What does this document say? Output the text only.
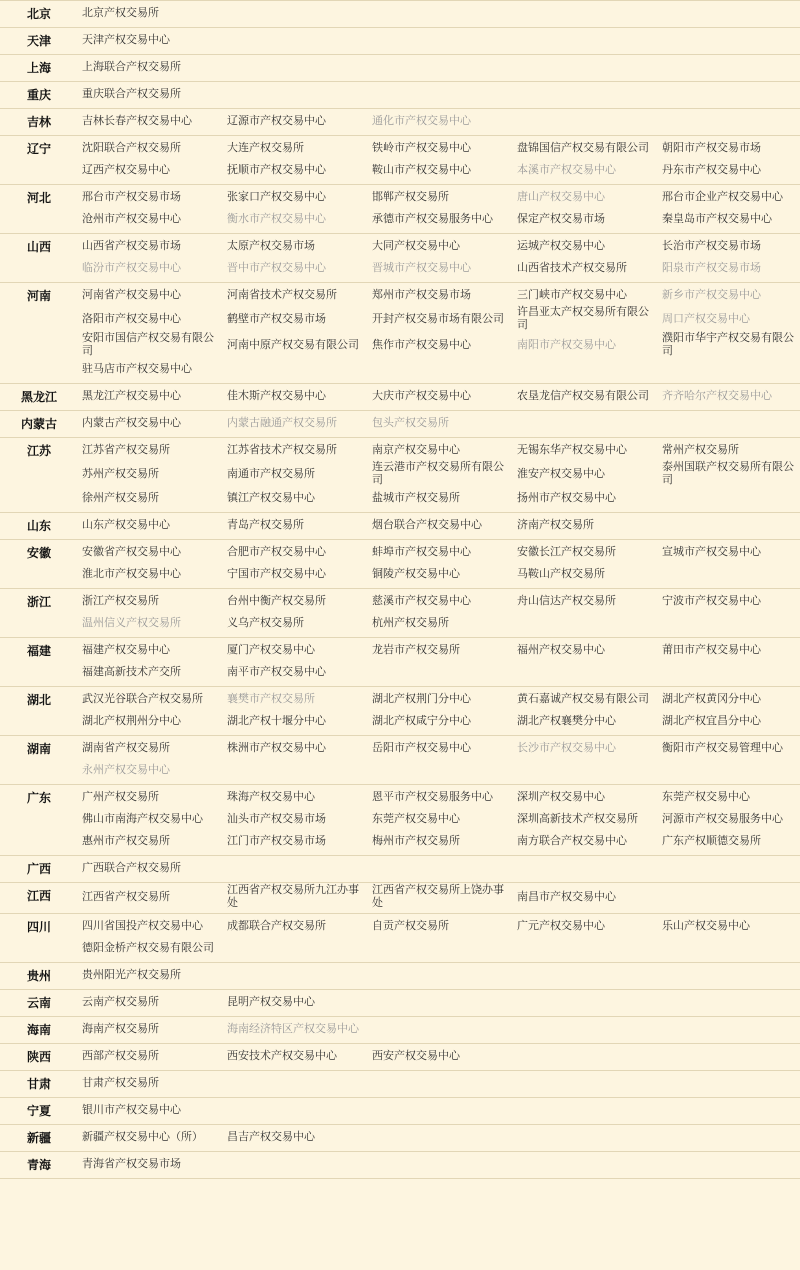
北京	北京产权交易所
天津	天津产权交易中心
上海	上海联合产权交易所
重庆	重庆联合产权交易所
吉林	吉林长春产权交易中心	辽源市产权交易中心	通化市产权交易中心
辽宁	沈阳联合产权交易所	大连产权交易所	铁岭市产权交易中心	盘锦国信产权交易有限公司	朝阳市产权交易市场
辽西产权交易中心	抚顺市产权交易中心	鞍山市产权交易中心	本溪市产权交易中心	丹东市产权交易中心
河北	邢台市产权交易市场	张家口产权交易中心	邯郸产权交易所	唐山产权交易中心	邢台市企业产权交易中心
沧州市产权交易中心	衡水市产权交易中心	承德市产权交易服务中心	保定产权交易市场	秦皇岛市产权交易中心
山西	山西省产权交易市场	太原产权交易市场	大同产权交易中心	运城产权交易中心	长治市产权交易市场
临汾市产权交易中心	晋中市产权交易中心	晋城市产权交易中心	山西省技术产权交易所	阳泉市产权交易市场
河南	河南省产权交易中心	河南省技术产权交易所	郑州市产权交易市场	三门峡市产权交易中心	新乡市产权交易中心
洛阳市产权交易中心	鹤壁市产权交易市场	开封产权交易市场有限公司	许昌亚太产权交易所有限公司	周口产权交易中心
安阳市国信产权交易有限公司	河南中原产权交易有限公司	焦作市产权交易中心	南阳市产权交易中心	濮阳市华宇产权交易有限公司
驻马店市产权交易中心
黑龙江	黑龙江产权交易中心	佳木斯产权交易中心	大庆市产权交易中心	农垦龙信产权交易有限公司	齐齐哈尔产权交易中心
内蒙古	内蒙古产权交易中心	内蒙古融通产权交易所	包头产权交易所
江苏	江苏省产权交易所	江苏省技术产权交易所	南京产权交易中心	无锡东华产权交易中心	常州产权交易所
苏州产权交易所	南通市产权交易所	连云港市产权交易所有限公司	淮安产权交易中心	泰州国联产权交易所有限公司
徐州产权交易所	镇江产权交易中心	盐城市产权交易所	扬州市产权交易中心
山东	山东产权交易中心	青岛产权交易所	烟台联合产权交易中心	济南产权交易所
安徽	安徽省产权交易中心	合肥市产权交易中心	蚌埠市产权交易中心	安徽长江产权交易所	宣城市产权交易中心
淮北市产权交易中心	宁国市产权交易中心	铜陵产权交易中心	马鞍山产权交易所
浙江	浙江产权交易所	台州中衡产权交易所	慈溪市产权交易中心	舟山信达产权交易所	宁波市产权交易中心
温州信义产权交易所	义乌产权交易所	杭州产权交易所
福建	福建产权交易中心	厦门产权交易中心	龙岩市产权交易所	福州产权交易中心	莆田市产权交易中心
福建高新技术产交所	南平市产权交易中心
湖北	武汉光谷联合产权交易所	襄樊市产权交易所	湖北产权荆门分中心	黄石嘉诚产权交易有限公司	湖北产权黄冈分中心
湖北产权荆州分中心	湖北产权十堰分中心	湖北产权咸宁分中心	湖北产权襄樊分中心	湖北产权宜昌分中心
湖南	湖南省产权交易所	株洲市产权交易中心	岳阳市产权交易中心	长沙市产权交易中心	衡阳市产权交易管理中心
永州产权交易中心
广东	广州产权交易所	珠海产权交易中心	恩平市产权交易服务中心	深圳产权交易中心	东莞产权交易中心
佛山市南海产权交易中心	汕头市产权交易市场	东莞产权交易中心	深圳高新技术产权交易所	河源市产权交易服务中心
惠州市产权交易所	江门市产权交易市场	梅州市产权交易所	南方联合产权交易中心	广东产权顺德交易所
广西	广西联合产权交易所
江西	江西省产权交易所	江西省产权交易所九江办事处
江西省产权交易所上饶办事处	南昌市产权交易中心
四川	四川省国投产权交易中心	成都联合产权交易所	自贡产权交易所	广元产权交易中心	乐山产权交易中心
德阳金桥产权交易有限公司
贵州	贵州阳光产权交易所
云南	云南产权交易所	昆明产权交易中心
海南	海南产权交易所	海南经济特区产权交易中心
陕西	西部产权交易所	西安技术产权交易中心	西安产权交易中心
甘肃	甘肃产权交易所
宁夏	银川市产权交易中心
新疆	新疆产权交易中心（所）	昌吉产权交易中心
青海	青海省产权交易市场
